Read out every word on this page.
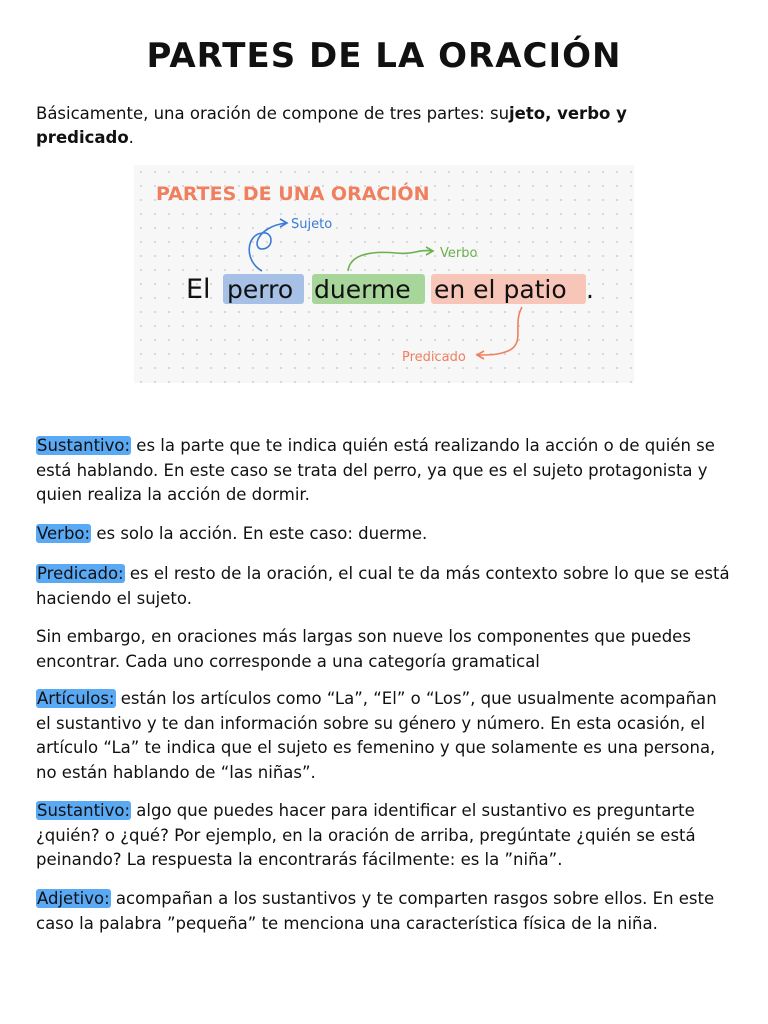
PARTES DE LA ORACIÓN

Básicamente, una oración de compone de tres partes: sujeto, verbo y
predicado.

PARTES DE UNA ORACIÓN
El perro duerme en el patio .
Sujeto
Verbo
Predicado

Sustantivo: es la parte que te indica quién está realizando la acción o de quién se está hablando. En este caso se trata del perro, ya que es el sujeto protagonista y quien realiza la acción de dormir.

Verbo: es solo la acción. En este caso: duerme.

Predicado: es el resto de la oración, el cual te da más contexto sobre lo que se está haciendo el sujeto.

Sin embargo, en oraciones más largas son nueve los componentes que puedes encontrar. Cada uno corresponde a una categoría gramatical

Artículos: están los artículos como “La”, “El” o “Los”, que usualmente acompañan el sustantivo y te dan información sobre su género y número. En esta ocasión, el artículo “La” te indica que el sujeto es femenino y que solamente es una persona, no están hablando de “las niñas”.

Sustantivo: algo que puedes hacer para identificar el sustantivo es preguntarte ¿quién? o ¿qué? Por ejemplo, en la oración de arriba, pregúntate ¿quién se está peinando? La respuesta la encontrarás fácilmente: es la ”niña”.

Adjetivo: acompañan a los sustantivos y te comparten rasgos sobre ellos. En este caso la palabra ”pequeña” te menciona una característica física de la niña.
